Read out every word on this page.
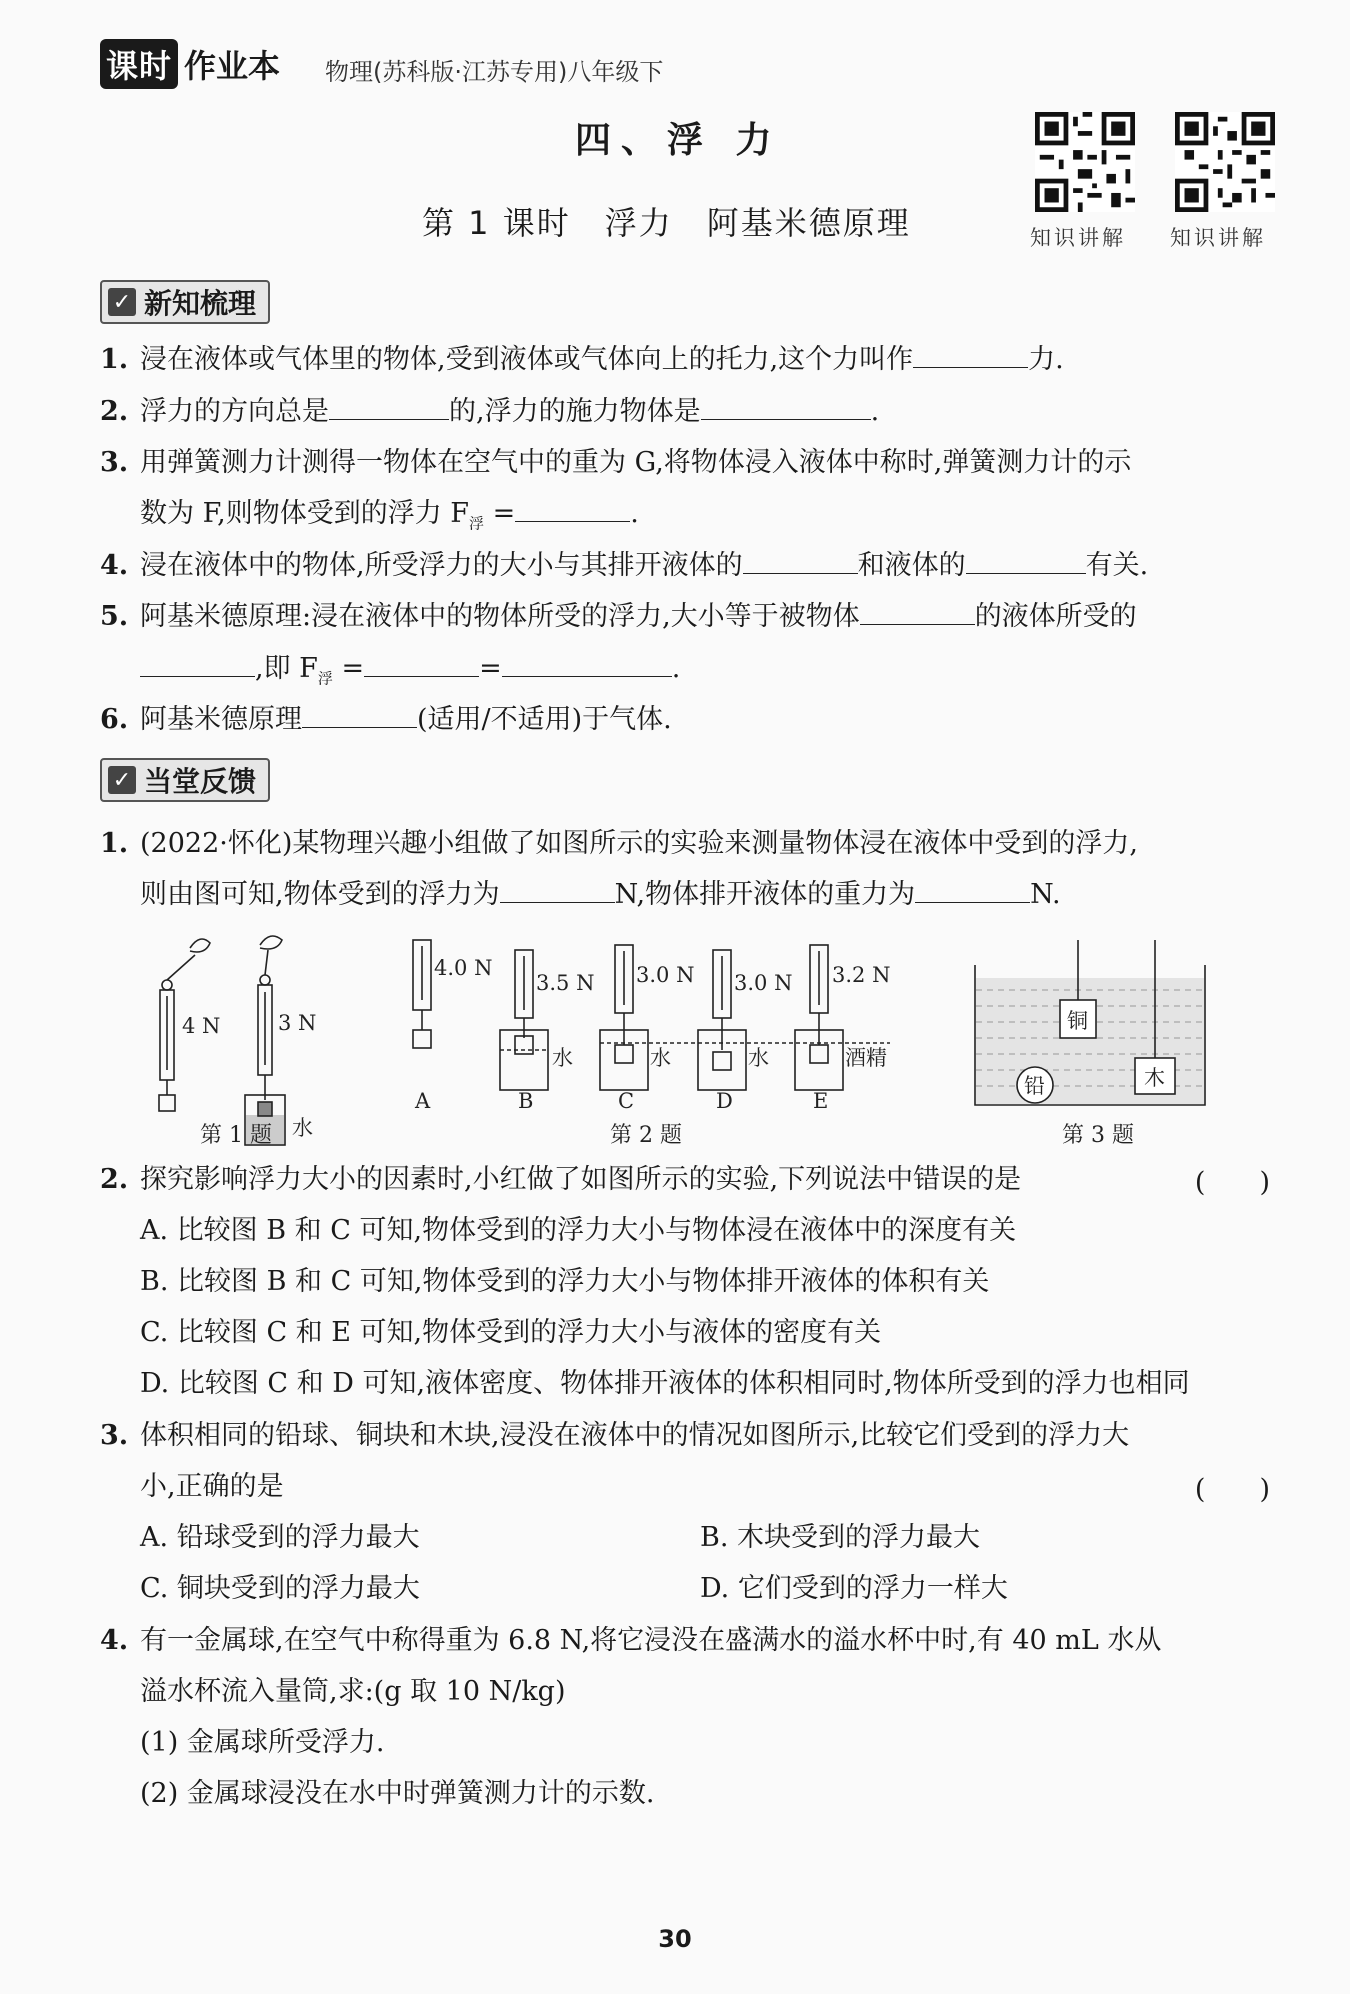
课时 作业本 物理(苏科版·江苏专用)八年级下
四、浮 力
第 1 课时　浮力　阿基米德原理	知识讲解 知识讲解
✓ 新知梳理
1. 浸在液体或气体里的物体,受到液体或气体向上的托力,这个力叫作	力.
2. 浮力的方向总是	的,浮力的施力物体是	.
3. 用弹簧测力计测得一物体在空气中的重为 G,将物体浸入液体中称时,弹簧测力计的示
数为 F,则物体受到的浮力 $F_浮$ =	.
4. 浸在液体中的物体,所受浮力的大小与其排开液体的	和液体的	有关.
5. 阿基米德原理:浸在液体中的物体所受的浮力,大小等于被物体	的液体所受的
,即 $F_浮$ =	=	.
6. 阿基米德原理	(适用/不适用)于气体.
✓ 当堂反馈
1. (2022·怀化)某物理兴趣小组做了如图所示的实验来测量物体浸在液体中受到的浮力,
则由图可知,物体受到的浮力为	N,物体排开液体的重力为	N.
4 N	3 N
水
第 1 题
4.0 N
A
3.5 N
水
B
3.0 N
水
C
3.0 N
水
D
3.2 N
酒精
E
第 2 题
铜
铅	木
第 3 题
2. 探究影响浮力大小的因素时,小红做了如图所示的实验,下列说法中错误的是	(　　)
A. 比较图 B 和 C 可知,物体受到的浮力大小与物体浸在液体中的深度有关
B. 比较图 B 和 C 可知,物体受到的浮力大小与物体排开液体的体积有关
C. 比较图 C 和 E 可知,物体受到的浮力大小与液体的密度有关
D. 比较图 C 和 D 可知,液体密度、物体排开液体的体积相同时,物体所受到的浮力也相同
3. 体积相同的铅球、铜块和木块,浸没在液体中的情况如图所示,比较它们受到的浮力大
小,正确的是	(　　)
A. 铅球受到的浮力最大	B. 木块受到的浮力最大
C. 铜块受到的浮力最大	D. 它们受到的浮力一样大
4. 有一金属球,在空气中称得重为 6.8 N,将它浸没在盛满水的溢水杯中时,有 40 mL 水从
溢水杯流入量筒,求:(g 取 10 N/kg)
(1) 金属球所受浮力.
(2) 金属球浸没在水中时弹簧测力计的示数.
30
